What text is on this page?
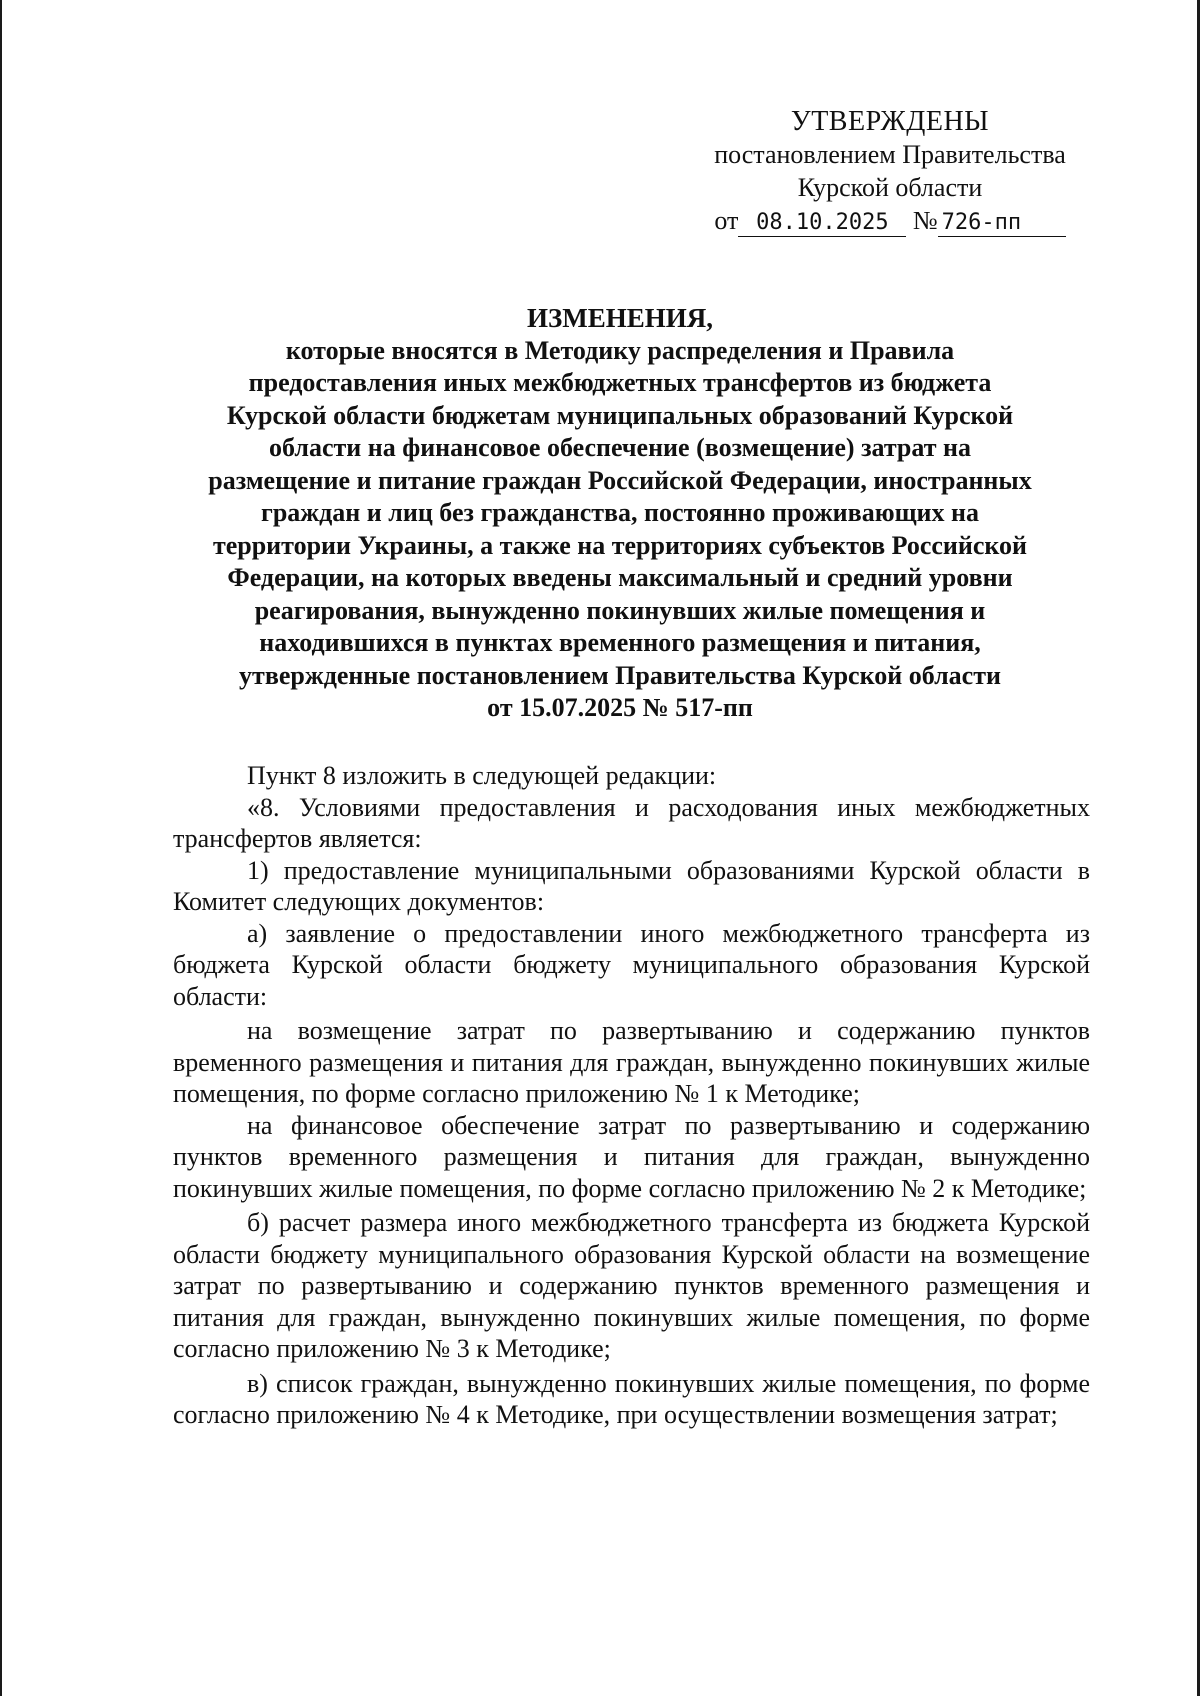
УТВЕРЖДЕНЫ
постановлением Правительства
Курской области
от 08.10.2025 № 726-пп
ИЗМЕНЕНИЯ,
которые вносятся в Методику распределения и Правила
предоставления иных межбюджетных трансфертов из бюджета
Курской области бюджетам муниципальных образований Курской
области на финансовое обеспечение (возмещение) затрат на
размещение и питание граждан Российской Федерации, иностранных
граждан и лиц без гражданства, постоянно проживающих на
территории Украины, а также на территориях субъектов Российской
Федерации, на которых введены максимальный и средний уровни
реагирования, вынужденно покинувших жилые помещения и
находившихся в пунктах временного размещения и питания,
утвержденные постановлением Правительства Курской области
от 15.07.2025 № 517-пп

Пункт 8 изложить в следующей редакции:

«8. Условиями предоставления и расходования иных межбюджетных трансфертов является:

1) предоставление муниципальными образованиями Курской области в Комитет следующих документов:

а) заявление о предоставлении иного межбюджетного трансферта из бюджета Курской области бюджету муниципального образования Курской области:

на возмещение затрат по развертыванию и содержанию пунктов временного размещения и питания для граждан, вынужденно покинувших жилые помещения, по форме согласно приложению № 1 к Методике;

на финансовое обеспечение затрат по развертыванию и содержанию пунктов временного размещения и питания для граждан, вынужденно покинувших жилые помещения, по форме согласно приложению № 2 к Методике;

б) расчет размера иного межбюджетного трансферта из бюджета Курской области бюджету муниципального образования Курской области на возмещение затрат по развертыванию и содержанию пунктов временного размещения и питания для граждан, вынужденно покинувших жилые помещения, по форме согласно приложению № 3 к Методике;

в) список граждан, вынужденно покинувших жилые помещения, по форме согласно приложению № 4 к Методике, при осуществлении возмещения затрат;
